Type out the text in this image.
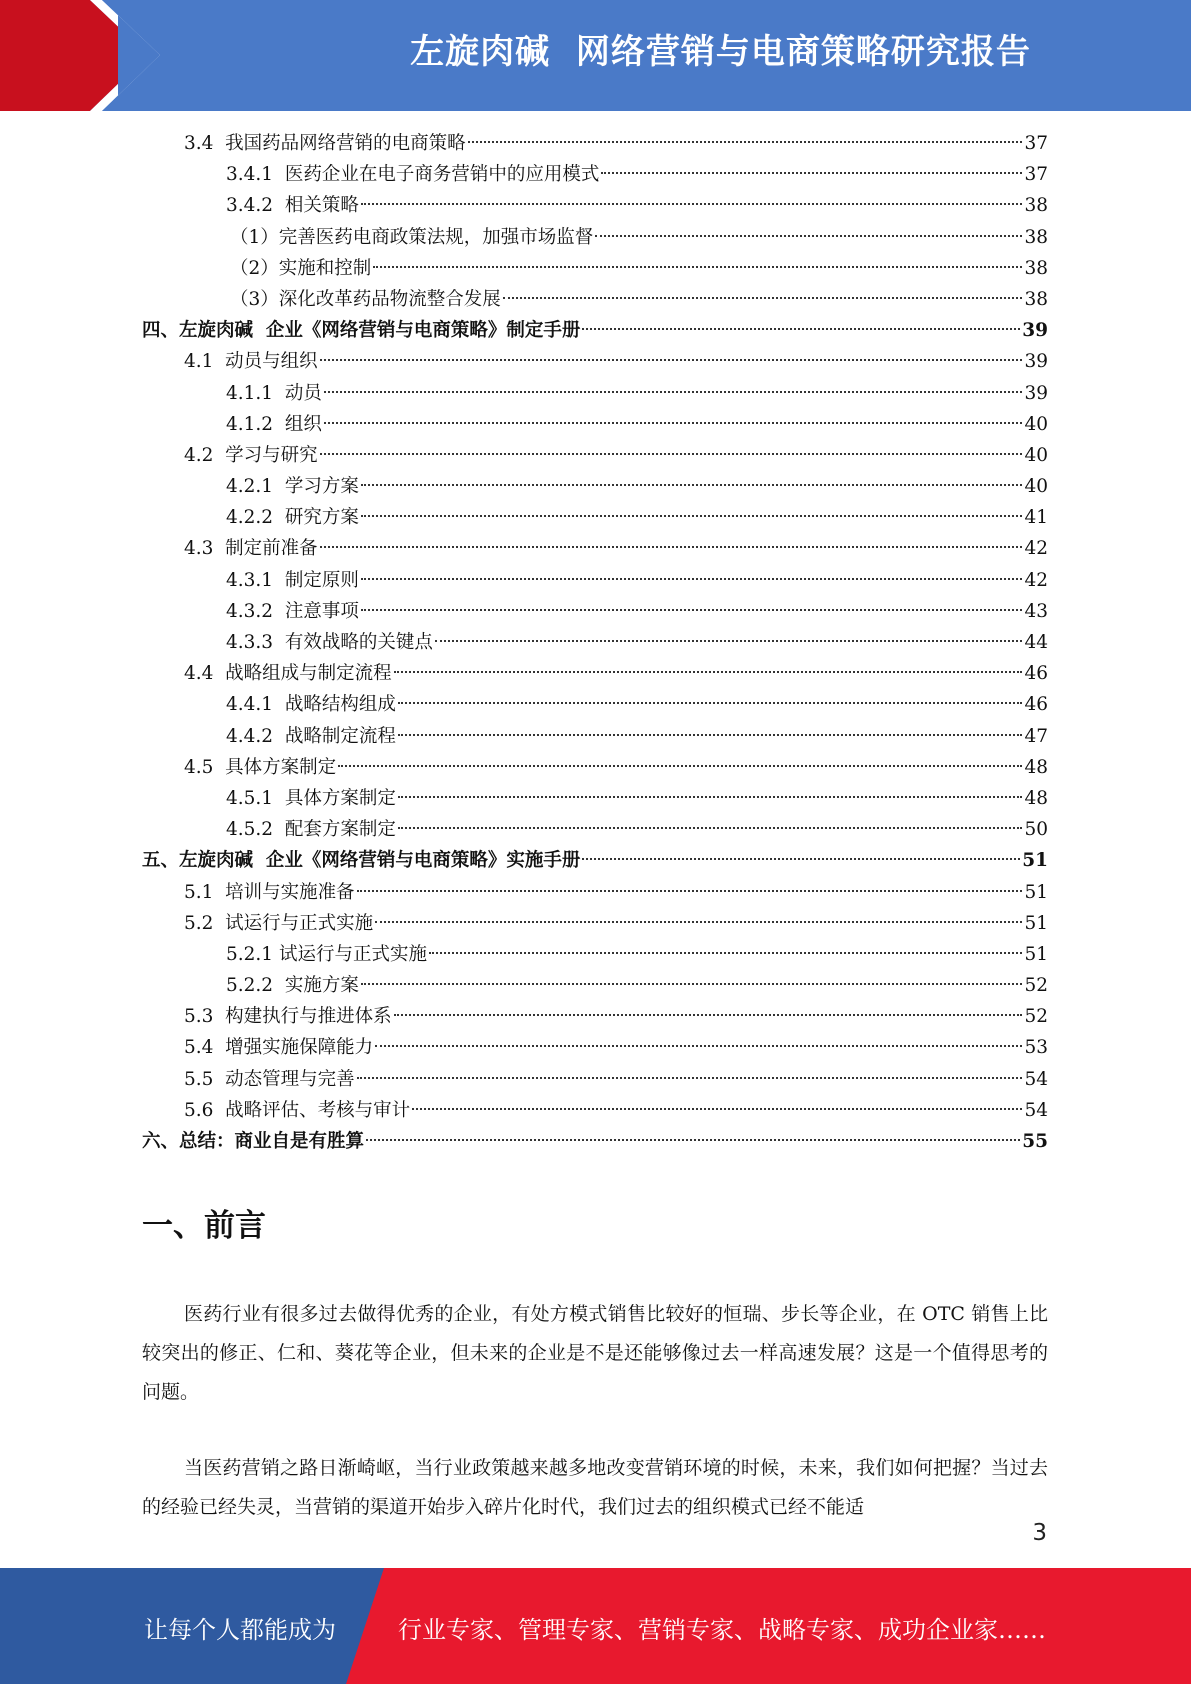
左旋肉碱  网络营销与电商策略研究报告
3.4  我国药品网络营销的电商策略	37
3.4.1  医药企业在电子商务营销中的应用模式	37
3.4.2  相关策略	38
（1）完善医药电商政策法规，加强市场监督	38
（2）实施和控制	38
（3）深化改革药品物流整合发展	38
四、左旋肉碱  企业《网络营销与电商策略》制定手册	39
4.1  动员与组织	39
4.1.1  动员	39
4.1.2  组织	40
4.2  学习与研究	40
4.2.1  学习方案	40
4.2.2  研究方案	41
4.3  制定前准备	42
4.3.1  制定原则	42
4.3.2  注意事项	43
4.3.3  有效战略的关键点	44
4.4  战略组成与制定流程	46
4.4.1  战略结构组成	46
4.4.2  战略制定流程	47
4.5  具体方案制定	48
4.5.1  具体方案制定	48
4.5.2  配套方案制定	50
五、左旋肉碱  企业《网络营销与电商策略》实施手册	51
5.1  培训与实施准备	51
5.2  试运行与正式实施	51
5.2.1 试运行与正式实施	51
5.2.2  实施方案	52
5.3  构建执行与推进体系	52
5.4  增强实施保障能力	53
5.5  动态管理与完善	54
5.6  战略评估、考核与审计	54
六、总结：商业自是有胜算	55
一、前言
医药行业有很多过去做得优秀的企业，有处方模式销售比较好的恒瑞、步长等企业，在 OTC 销售上比较突出的修正、仁和、葵花等企业，但未来的企业是不是还能够像过去一样高速发展？这是一个值得思考的问题。
当医药营销之路日渐崎岖，当行业政策越来越多地改变营销环境的时候，未来，我们如何把握？当过去的经验已经失灵，当营销的渠道开始步入碎片化时代，我们过去的组织模式已经不能适
3
让每个人都能成为	行业专家、管理专家、营销专家、战略专家、成功企业家……
